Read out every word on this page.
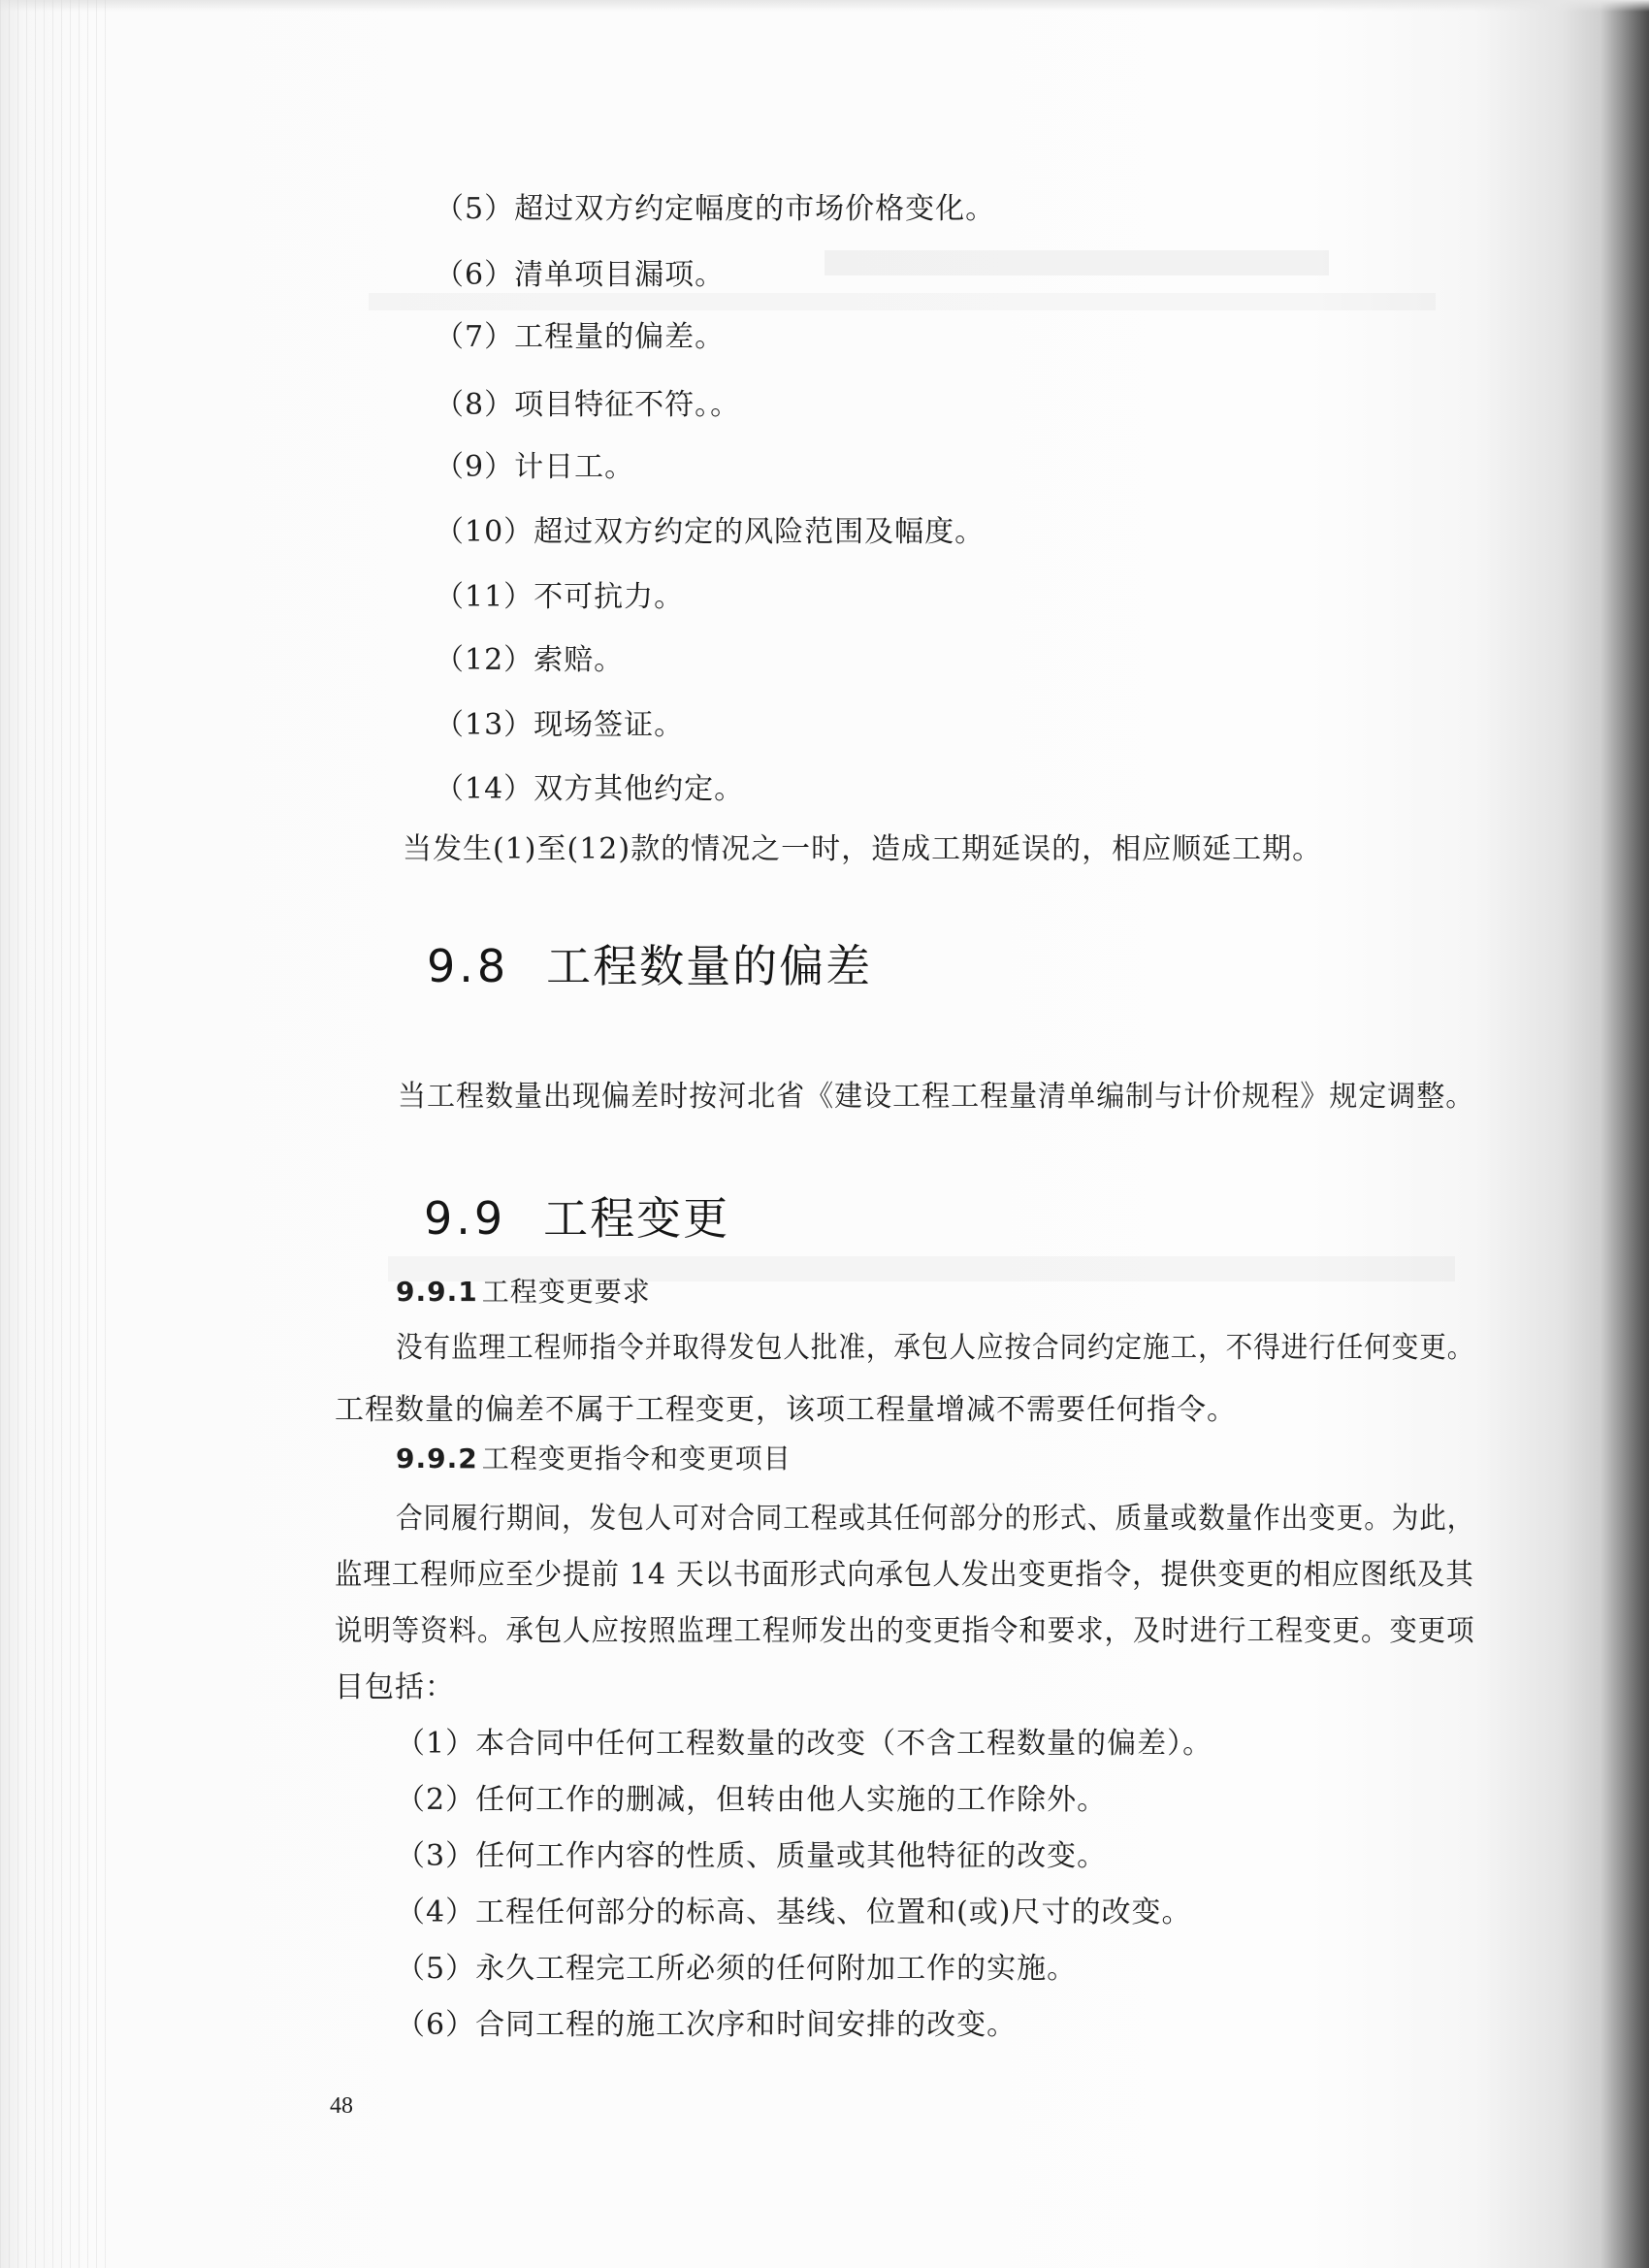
（5）超过双方约定幅度的市场价格变化。
（6）清单项目漏项。
（7）工程量的偏差。
（8）项目特征不符。。
（9）计日工。
（10）超过双方约定的风险范围及幅度。
（11）不可抗力。
（12）索赔。
（13）现场签证。
（14）双方其他约定。
当发生(1)至(12)款的情况之一时，造成工期延误的，相应顺延工期。
9.8 工程数量的偏差
当工程数量出现偏差时按河北省《建设工程工程量清单编制与计价规程》规定调整。
9.9 工程变更
9.9.1 工程变更要求
没有监理工程师指令并取得发包人批准，承包人应按合同约定施工，不得进行任何变更。
工程数量的偏差不属于工程变更，该项工程量增减不需要任何指令。
9.9.2 工程变更指令和变更项目
合同履行期间，发包人可对合同工程或其任何部分的形式、质量或数量作出变更。为此，
监理工程师应至少提前 14 天以书面形式向承包人发出变更指令，提供变更的相应图纸及其
说明等资料。承包人应按照监理工程师发出的变更指令和要求，及时进行工程变更。变更项
目包括：
（1）本合同中任何工程数量的改变（不含工程数量的偏差）。
（2）任何工作的删减，但转由他人实施的工作除外。
（3）任何工作内容的性质、质量或其他特征的改变。
（4）工程任何部分的标高、基线、位置和(或)尺寸的改变。
（5）永久工程完工所必须的任何附加工作的实施。
（6）合同工程的施工次序和时间安排的改变。
48
